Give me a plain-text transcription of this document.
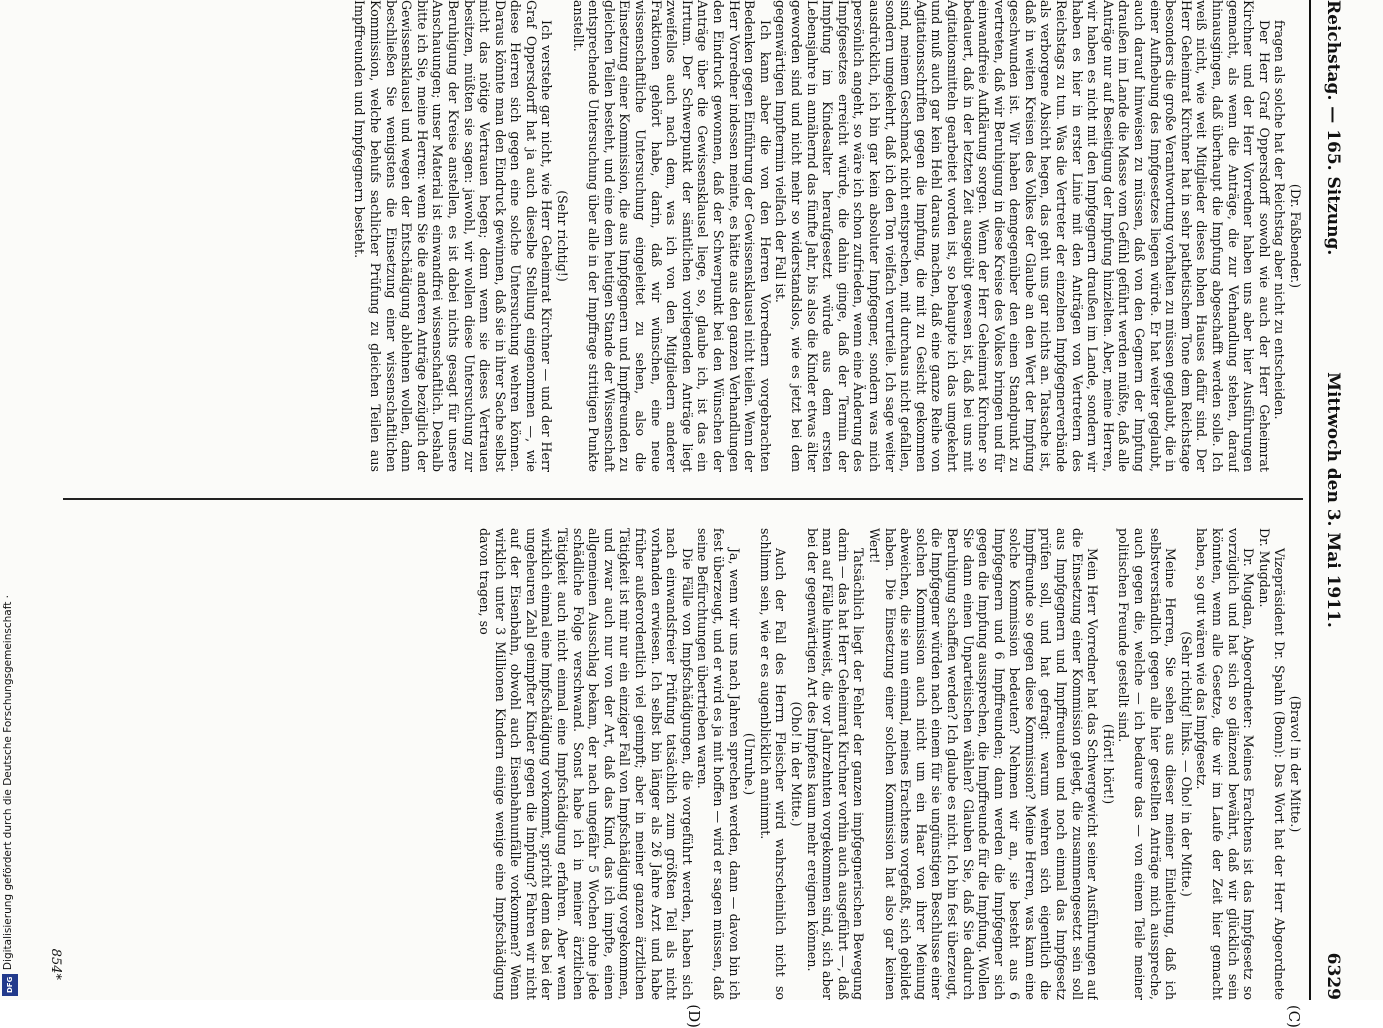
Reichstag. — 165. Sitzung.
Mittwoch den 3. Mai 1911.
6329

(Dr. Faßbender.)

fragen als solche hat der Reichstag aber nicht zu entscheiden.

Der Herr Graf Oppersdorff sowohl wie auch der Herr Geheimrat Kirchner und der Herr Vorredner haben uns aber hier Ausführungen gemacht, als wenn die Anträge, die zur Verhandlung stehen, darauf hinausgingen, daß überhaupt die Impfung abgeschafft werden solle. Ich weiß nicht, wie weit Mitglieder dieses hohen Hauses dafür sind. Der Herr Geheimrat Kirchner hat in sehr pathetischem Tone dem Reichstage besonders die große Verantwortung vorhalten zu müssen geglaubt, die in einer Aufhebung des Impfgesetzes liegen würde. Er hat weiter geglaubt, auch darauf hinweisen zu müssen, daß von den Gegnern der Impfung draußen im Lande die Masse vom Gefühl geführt werden müßte, daß alle Anträge nur auf Beseitigung der Impfung hinzielten. Aber, meine Herren, wir haben es nicht mit den Impfgegnern draußen im Lande, sondern wir haben es hier in erster Linie mit den Anträgen von Vertretern des Reichstags zu tun. Was die Vertreter der einzelnen Impfgegnerverbände als verborgene Absicht hegen, das geht uns gar nichts an. Tatsache ist, daß in weiten Kreisen des Volkes der Glaube an den Wert der Impfung geschwunden ist. Wir haben demgegenüber den einen Standpunkt zu vertreten, daß wir Beruhigung in diese Kreise des Volkes bringen und für einwandfreie Aufklärung sorgen. Wenn der Herr Geheimrat Kirchner so bedauert, daß in der letzten Zeit ausgeübt gewesen ist, daß bei uns mit Agitationsmitteln gearbeitet worden ist, so behaupte ich das umgekehrt und muß auch gar kein Hehl daraus machen, daß eine ganze Reihe von Agitationsschriften gegen die Impfung, die mit zu Gesicht gekommen sind, meinem Geschmack nicht entsprechen, mit durchaus nicht gefallen, sondern umgekehrt, daß ich den Ton vielfach verurteile. Ich sage weiter ausdrücklich, ich bin gar kein absoluter Impfgegner, sondern was mich persönlich angeht, so wäre ich schon zufrieden, wenn eine Änderung des Impfgesetzes erreicht würde, die dahin ginge, daß der Termin der Impfung im Kindesalter heraufgesetzt würde aus dem ersten Lebensjahre in annähernd das fünfte Jahr, bis also die Kinder etwas älter geworden sind und nicht mehr so widerstandslos, wie es jetzt bei dem gegenwärtigen Impftermin vielfach der Fall ist.

Ich kann aber die von den Herren Vorrednern vorgebrachten Bedenken gegen Einführung der Gewissensklausel nicht teilen. Wenn der Herr Vorredner indessen meinte, es hätte aus den ganzen Verhandlungen den Eindruck gewonnen, daß der Schwerpunkt bei den Wünschen der Anträge über die Gewissensklausel liege, so, glaube ich, ist das ein Irrtum. Der Schwerpunkt der sämtlichen vorliegenden Anträge liegt zweifellos auch nach dem, was ich von den Mitgliedern anderer Fraktionen gehört habe, darin, daß wir wünschen, eine neue wissenschaftliche Untersuchung eingeleitet zu sehen, also die Einsetzung einer Kommission, die aus Impfgegnern und Impffreunden zu gleichen Teilen besteht, und eine dem heutigen Stande der Wissenschaft entsprechende Untersuchung über alle in der Impffrage strittigen Punkte anstellt.

(Sehr richtig!)

Ich verstehe gar nicht, wie Herr Geheimrat Kirchner — und der Herr Graf Oppersdorff hat ja auch dieselbe Stellung eingenommen —, wie diese Herren sich gegen eine solche Untersuchung wehren können. Daraus könnte man den Eindruck gewinnen, daß sie in ihrer Sache selbst nicht das nötige Vertrauen hegen; denn wenn sie dieses Vertrauen besitzen, müßten sie sagen: jawohl, wir wollen diese Untersuchung zur Beruhigung der Kreise anstellen, es ist dabei nichts gesagt für unsere Anschauungen; unser Material ist einwandfrei wissenschaftlich. Deshalb bitte ich Sie, meine Herren: wenn Sie die anderen Anträge bezüglich der Gewissensklausel und wegen der Entschädigung ablehnen wollen, dann beschließen Sie wenigstens die Einsetzung einer wissenschaftlichen Kommission, welche behufs sachlicher Prüfung zu gleichen Teilen aus Impffreunden und Impfgegnern besteht.

(Bravo! in der Mitte.)

Vizepräsident Dr. Spahn (Bonn): Das Wort hat der Herr Abgeordnete Dr. Mugdan.

Dr. Mugdan, Abgeordneter: Meines Erachtens ist das Impfgesetz so vorzüglich und hat sich so glänzend bewährt, daß wir glücklich sein könnten, wenn alle Gesetze, die wir im Laufe der Zeit hier gemacht haben, so gut wären wie das Impfgesetz.

(Sehr richtig! links. — Oho! in der Mitte.)

Meine Herren, Sie sehen aus dieser meiner Einleitung, daß ich selbstverständlich gegen alle hier gestellten Anträge mich ausspreche, auch gegen die, welche — ich bedaure das — von einem Teile meiner politischen Freunde gestellt sind.

(Hört! hört!)

Mein Herr Vorredner hat das Schwergewicht seiner Ausführungen auf die Einsetzung einer Kommission gelegt, die zusammengesetzt sein soll aus Impfgegnern und Impffreunden und noch einmal das Impfgesetz prüfen soll, und hat gefragt: warum wehren sich eigentlich die Impffreunde so gegen diese Kommission? Meine Herren, was kann eine solche Kommission bedeuten? Nehmen wir an, sie besteht aus 6 Impfgegnern und 6 Impffreunden; dann werden die Impfgegner sich gegen die Impfung aussprechen, die Impffreunde für die Impfung. Wollen Sie dann einen Unparteiischen wählen? Glauben Sie, daß Sie dadurch Beruhigung schaffen werden? Ich glaube es nicht. Ich bin fest überzeugt, die Impfgegner würden nach einem für sie ungünstigen Beschlusse einer solchen Kommission auch nicht um ein Haar von ihrer Meinung abweichen, die sie nun einmal, meines Erachtens vorgefaßt, sich gebildet haben. Die Einsetzung einer solchen Kommission hat also gar keinen Wert!

Tatsächlich liegt der Fehler der ganzen impfgegnerischen Bewegung darin — das hat Herr Geheimrat Kirchner vorhin auch ausgeführt —, daß man auf Fälle hinweist, die vor Jahrzehnten vorgekommen sind, sich aber bei der gegenwärtigen Art des Impfens kaum mehr ereignen können.

(Oho! in der Mitte.)

Auch der Fall des Herrn Fleischer wird wahrscheinlich nicht so schlimm sein, wie er es augenblicklich annimmt.

(Unruhe.)

Ja, wenn wir uns nach Jahren sprechen werden, dann — davon bin ich fest überzeugt, und er wird es ja mit hoffen — wird er sagen müssen, daß seine Befürchtungen übertrieben waren.

Die Fälle von Impfschädigungen, die vorgeführt werden, haben sich nach einwandsfreier Prüfung tatsächlich zum größten Teil als nicht vorhanden erwiesen. Ich selbst bin länger als 26 Jahre Arzt und habe früher außerordentlich viel geimpft; aber in meiner ganzen ärztlichen Tätigkeit ist mir nur ein einziger Fall von Impfschädigung vorgekommen, und zwar auch nur von der Art, daß das Kind, das ich impfte, einen allgemeinen Ausschlag bekam, der nach ungefähr 5 Wochen ohne jede schädliche Folge verschwand. Sonst habe ich in meiner ärztlichen Tätigkeit auch nicht einmal eine Impfschädigung erfahren. Aber wenn wirklich einmal eine Impfschädigung vorkommt, spricht denn das bei der ungeheuren Zahl geimpfter Kinder gegen die Impfung? Fahren wir nicht auf der Eisenbahn, obwohl auch Eisenbahnunfälle vorkommen? Wenn wirklich unter 3 Millionen Kindern einige wenige eine Impfschädigung davon tragen, so

(C)
(D)
854*
Digitalisierung gefördert durch die Deutsche Forschungsgemeinschaft ·
DFG
